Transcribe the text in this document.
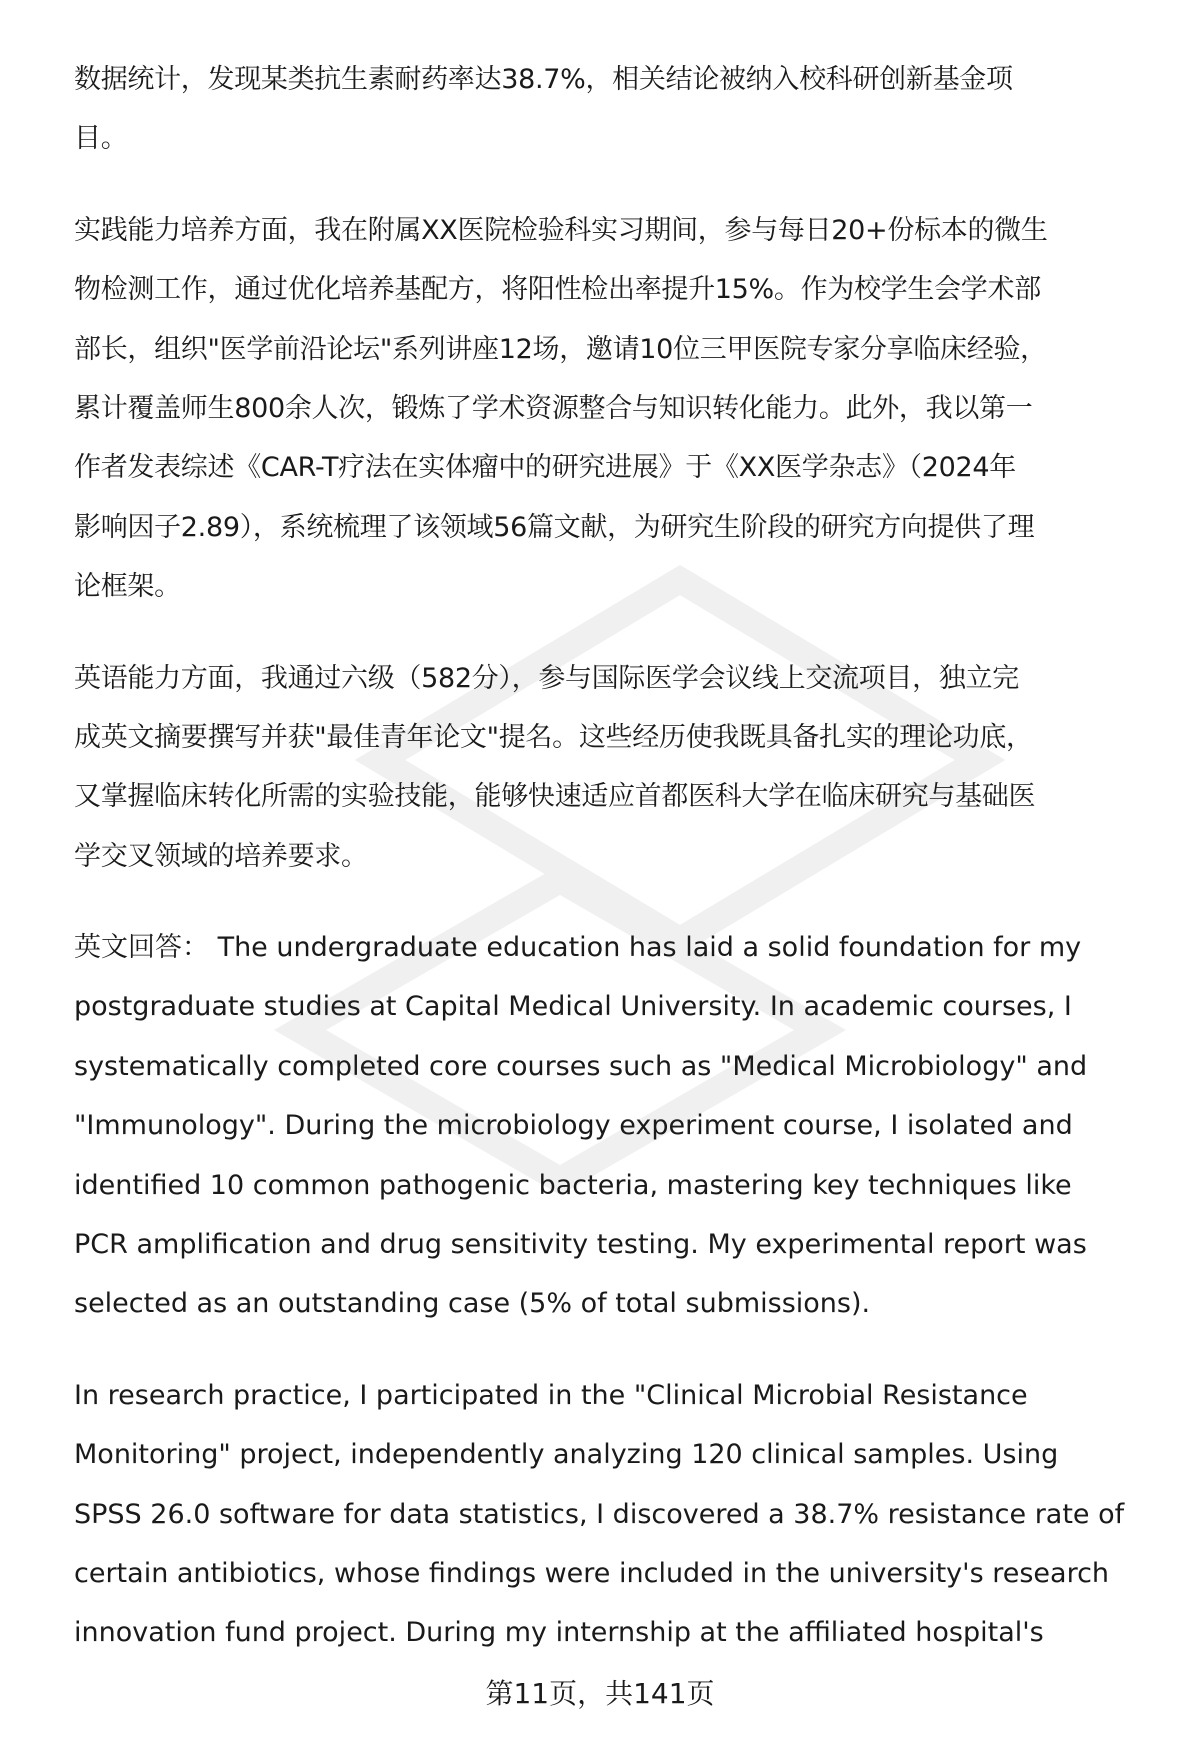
数据统计，发现某类抗生素耐药率达38.7%，相关结论被纳入校科研创新基金项
目。
实践能力培养方面，我在附属XX医院检验科实习期间，参与每日20+份标本的微生
物检测工作，通过优化培养基配方，将阳性检出率提升15%。作为校学生会学术部
部长，组织"医学前沿论坛"系列讲座12场，邀请10位三甲医院专家分享临床经验，
累计覆盖师生800余人次，锻炼了学术资源整合与知识转化能力。此外，我以第一
作者发表综述《CAR-T疗法在实体瘤中的研究进展》于《XX医学杂志》（2024年
影响因子2.89），系统梳理了该领域56篇文献，为研究生阶段的研究方向提供了理
论框架。
英语能力方面，我通过六级（582分），参与国际医学会议线上交流项目，独立完
成英文摘要撰写并获"最佳青年论文"提名。这些经历使我既具备扎实的理论功底，
又掌握临床转化所需的实验技能，能够快速适应首都医科大学在临床研究与基础医
学交叉领域的培养要求。
英文回答： The undergraduate education has laid a solid foundation for my
postgraduate studies at Capital Medical University. In academic courses, I
systematically completed core courses such as "Medical Microbiology" and
"Immunology". During the microbiology experiment course, I isolated and
identified 10 common pathogenic bacteria, mastering key techniques like
PCR amplification and drug sensitivity testing. My experimental report was
selected as an outstanding case (5% of total submissions).
In research practice, I participated in the "Clinical Microbial Resistance
Monitoring" project, independently analyzing 120 clinical samples. Using
SPSS 26.0 software for data statistics, I discovered a 38.7% resistance rate of
certain antibiotics, whose findings were included in the university's research
innovation fund project. During my internship at the affiliated hospital's
第11页，共141页
